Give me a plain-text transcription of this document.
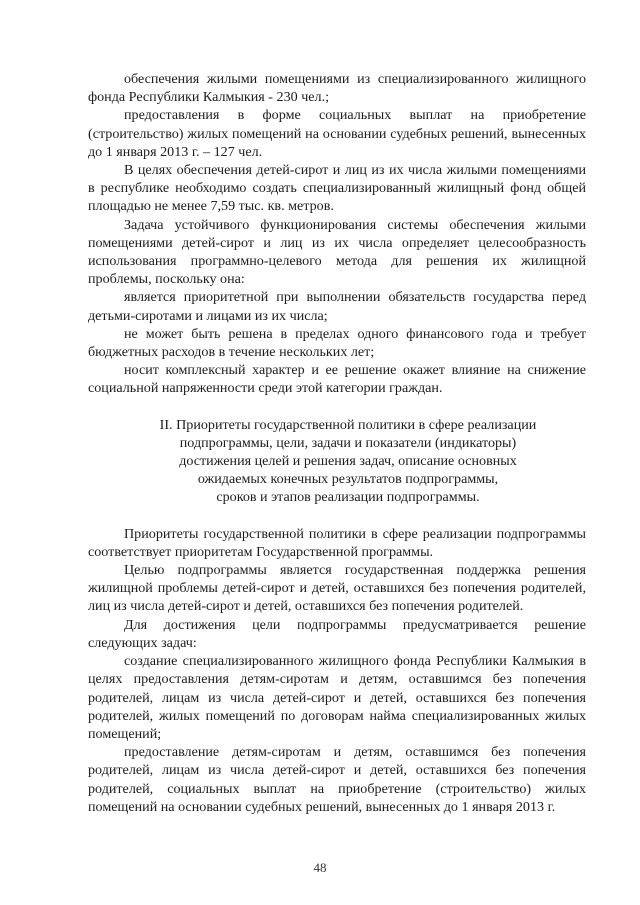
обеспечения жилыми помещениями из специализированного жилищного фонда Республики Калмыкия - 230 чел.;

предоставления в форме социальных выплат на приобретение (строительство) жилых помещений на основании судебных решений, вынесенных до 1 января 2013 г. – 127 чел.

В целях обеспечения детей-сирот и лиц из их числа жилыми помещениями в республике необходимо создать специализированный жилищный фонд общей площадью не менее 7,59 тыс. кв. метров.

Задача устойчивого функционирования системы обеспечения жилыми помещениями детей-сирот и лиц из их числа определяет целесообразность использования программно-целевого метода для решения их жилищной проблемы, поскольку она:

является приоритетной при выполнении обязательств государства перед детьми-сиротами и лицами из их числа;

не может быть решена в пределах одного финансового года и требует бюджетных расходов в течение нескольких лет;

носит комплексный характер и ее решение окажет влияние на снижение социальной напряженности среди этой категории граждан.

II. Приоритеты государственной политики в сфере реализации
подпрограммы, цели, задачи и показатели (индикаторы)
достижения целей и решения задач, описание основных
ожидаемых конечных результатов подпрограммы,
сроков и этапов реализации подпрограммы.

Приоритеты государственной политики в сфере реализации подпрограммы соответствует приоритетам Государственной программы.

Целью подпрограммы является государственная поддержка решения жилищной проблемы детей-сирот и детей, оставшихся без попечения родителей, лиц из числа детей-сирот и детей, оставшихся без попечения родителей.

Для достижения цели подпрограммы предусматривается решение следующих задач:

создание специализированного жилищного фонда Республики Калмыкия в целях предоставления детям-сиротам и детям, оставшимся без попечения родителей, лицам из числа детей-сирот и детей, оставшихся без попечения родителей, жилых помещений по договорам найма специализированных жилых помещений;

предоставление детям-сиротам и детям, оставшимся без попечения родителей, лицам из числа детей-сирот и детей, оставшихся без попечения родителей, социальных выплат на приобретение (строительство) жилых помещений на основании судебных решений, вынесенных до 1 января 2013 г.

48
